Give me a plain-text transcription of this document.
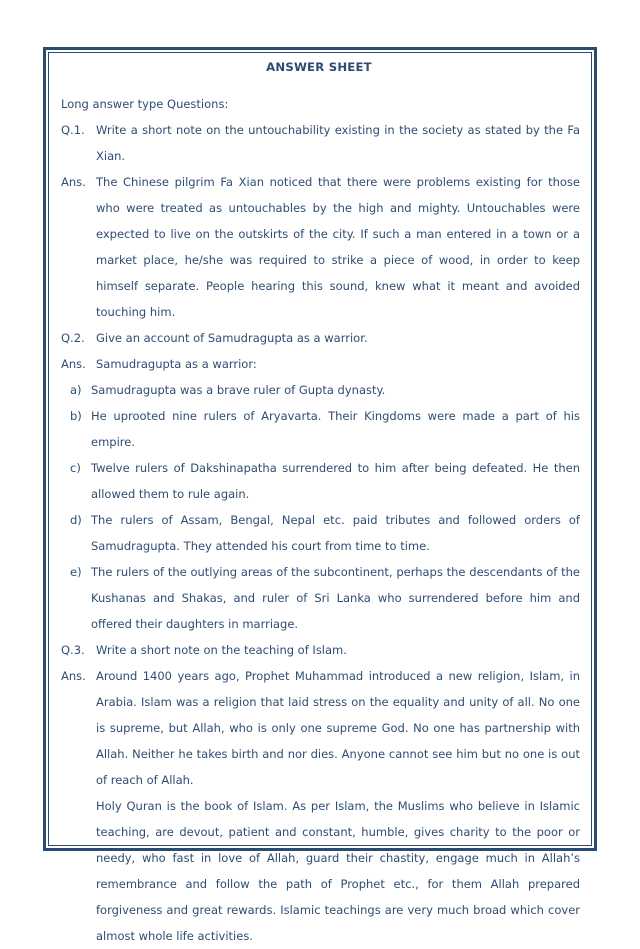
ANSWER SHEET
Long answer type Questions:
Q.1. Write a short note on the untouchability existing in the society as stated by the Fa Xian.
Ans. The Chinese pilgrim Fa Xian noticed that there were problems existing for those who were treated as untouchables by the high and mighty. Untouchables were expected to live on the outskirts of the city. If such a man entered in a town or a market place, he/she was required to strike a piece of wood, in order to keep himself separate. People hearing this sound, knew what it meant and avoided touching him.
Q.2. Give an account of Samudragupta as a warrior.
Ans. Samudragupta as a warrior:
a) Samudragupta was a brave ruler of Gupta dynasty.
b) He uprooted nine rulers of Aryavarta. Their Kingdoms were made a part of his empire.
c) Twelve rulers of Dakshinapatha surrendered to him after being defeated. He then allowed them to rule again.
d) The rulers of Assam, Bengal, Nepal etc. paid tributes and followed orders of Samudragupta. They attended his court from time to time.
e) The rulers of the outlying areas of the subcontinent, perhaps the descendants of the Kushanas and Shakas, and ruler of Sri Lanka who surrendered before him and offered their daughters in marriage.
Q.3. Write a short note on the teaching of Islam.
Ans. Around 1400 years ago, Prophet Muhammad introduced a new religion, Islam, in Arabia. Islam was a religion that laid stress on the equality and unity of all. No one is supreme, but Allah, who is only one supreme God. No one has partnership with Allah. Neither he takes birth and nor dies. Anyone cannot see him but no one is out of reach of Allah.

Holy Quran is the book of Islam. As per Islam, the Muslims who believe in Islamic teaching, are devout, patient and constant, humble, gives charity to the poor or needy, who fast in love of Allah, guard their chastity, engage much in Allah’s remembrance and follow the path of Prophet etc., for them Allah prepared forgiveness and great rewards. Islamic teachings are very much broad which cover almost whole life activities.
